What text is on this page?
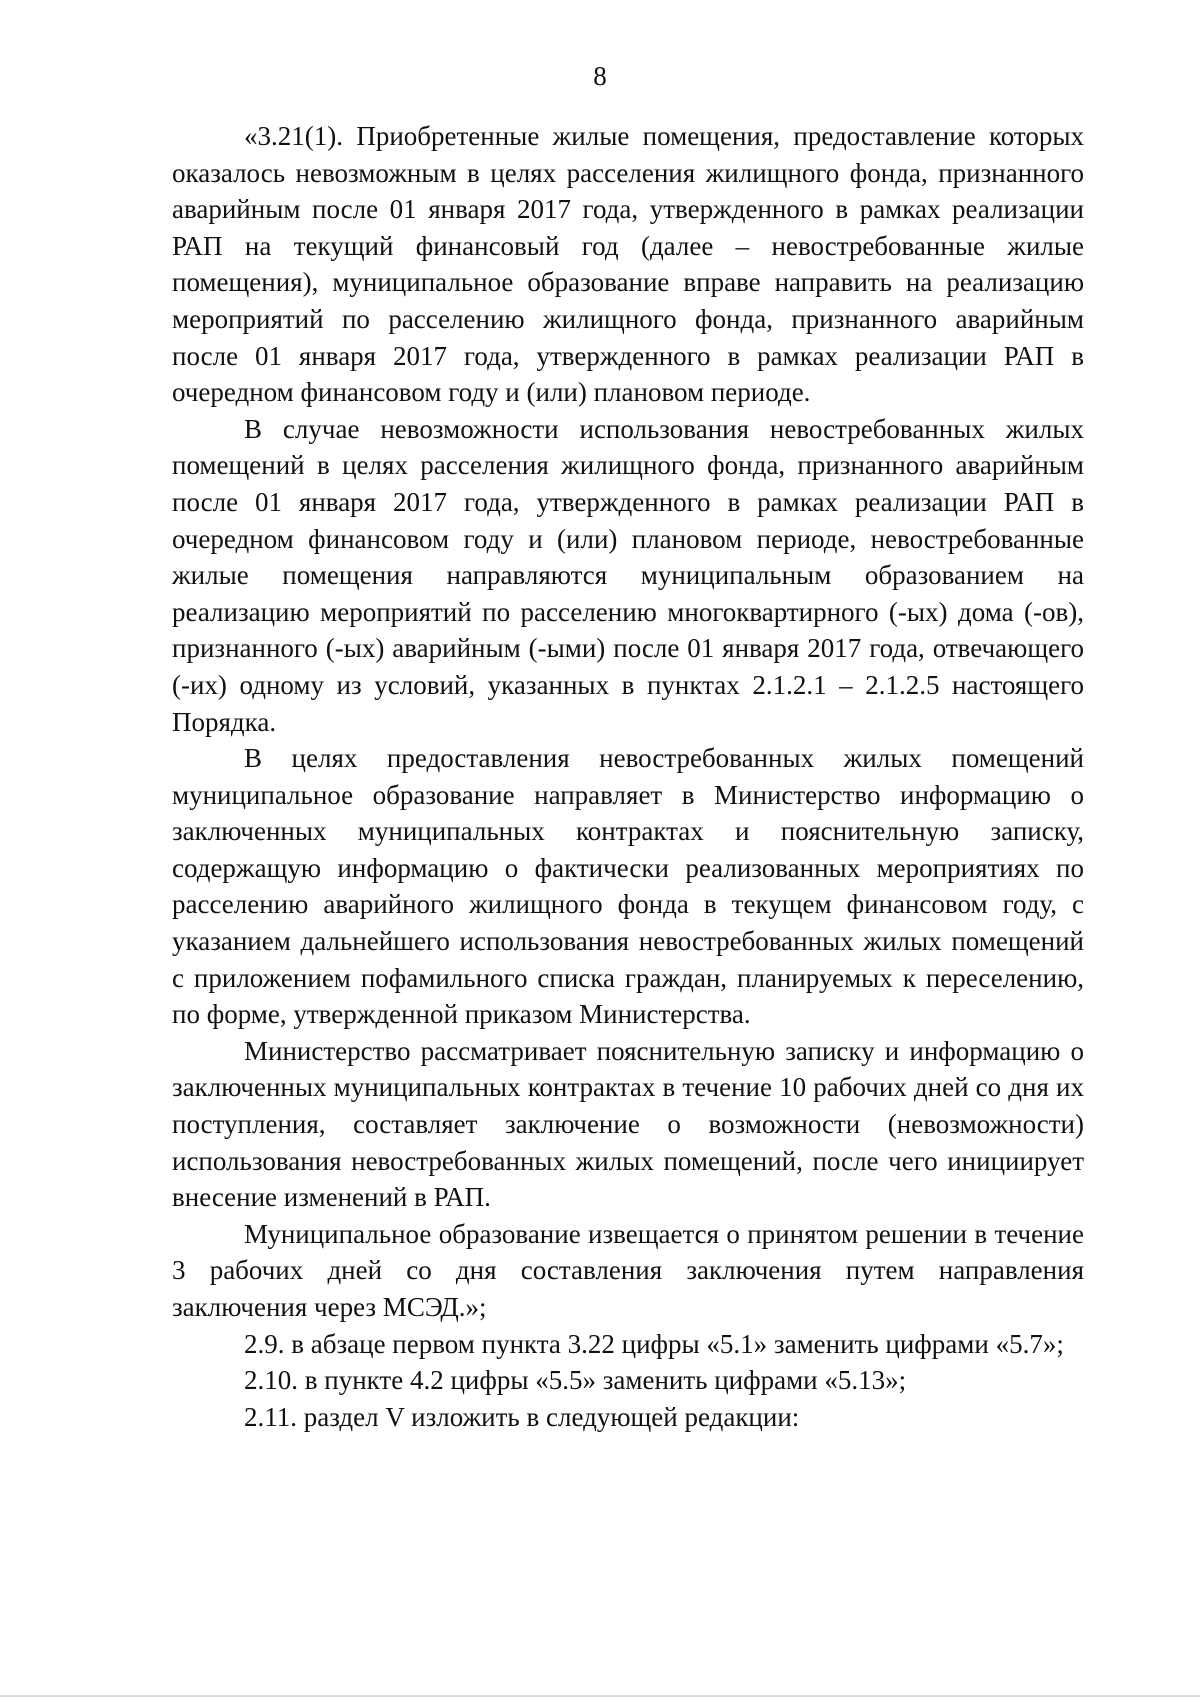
8

«3.21(1). Приобретенные жилые помещения, предоставление которых оказалось невозможным в целях расселения жилищного фонда, признанного аварийным после 01 января 2017 года, утвержденного в рамках реализации РАП на текущий финансовый год (далее – невостребованные жилые помещения), муниципальное образование вправе направить на реализацию мероприятий по расселению жилищного фонда, признанного аварийным после 01 января 2017 года, утвержденного в рамках реализации РАП в очередном финансовом году и (или) плановом периоде.

В случае невозможности использования невостребованных жилых помещений в целях расселения жилищного фонда, признанного аварийным после 01 января 2017 года, утвержденного в рамках реализации РАП в очередном финансовом году и (или) плановом периоде, невостребованные жилые помещения направляются муниципальным образованием на реализацию мероприятий по расселению многоквартирного (-ых) дома (-ов), признанного (-ых) аварийным (-ыми) после 01 января 2017 года, отвечающего (-их) одному из условий, указанных в пунктах 2.1.2.1 – 2.1.2.5 настоящего Порядка.

В целях предоставления невостребованных жилых помещений муниципальное образование направляет в Министерство информацию о заключенных муниципальных контрактах и пояснительную записку, содержащую информацию о фактически реализованных мероприятиях по расселению аварийного жилищного фонда в текущем финансовом году, с указанием дальнейшего использования невостребованных жилых помещений с приложением пофамильного списка граждан, планируемых к переселению, по форме, утвержденной приказом Министерства.

Министерство рассматривает пояснительную записку и информацию о заключенных муниципальных контрактах в течение 10 рабочих дней со дня их поступления, составляет заключение о возможности (невозможности) использования невостребованных жилых помещений, после чего инициирует внесение изменений в РАП.

Муниципальное образование извещается о принятом решении в течение 3 рабочих дней со дня составления заключения путем направления заключения через МСЭД.»;

2.9. в абзаце первом пункта 3.22 цифры «5.1» заменить цифрами «5.7»;

2.10. в пункте 4.2 цифры «5.5» заменить цифрами «5.13»;

2.11. раздел V изложить в следующей редакции:
